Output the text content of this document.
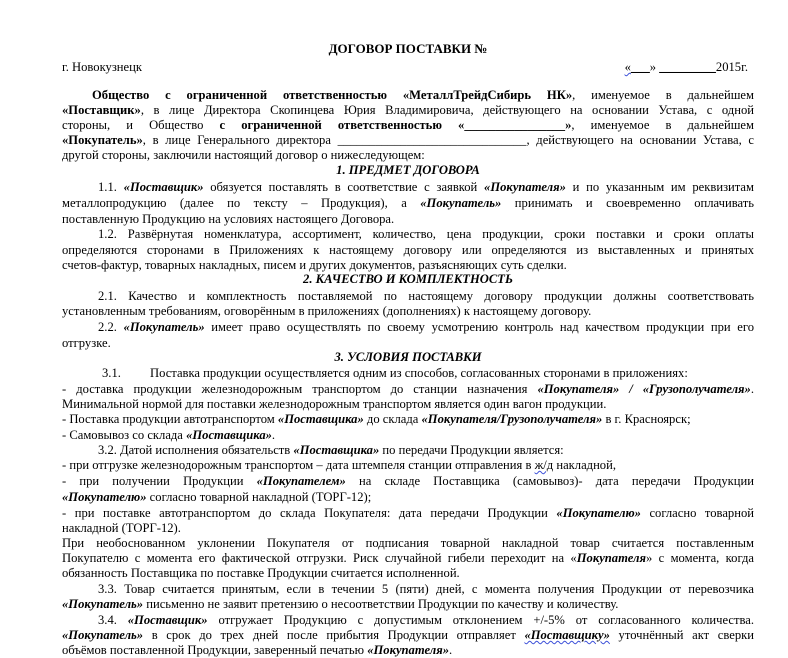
ДОГОВОР ПОСТАВКИ №
г. Новокузнецк	«___» _________2015г.
Общество с ограниченной ответственностью «МеталлТрейдСибирь НК», именуемое в дальнейшем
«Поставщик», в лице Директора Скопинцева Юрия Владимировича, действующего на основании Устава, с одной
стороны, и Общество с ограниченной ответственностью «________________», именуемое в дальнейшем
«Покупатель», в лице Генерального директора ______________________________, действующего на основании Устава, с
другой стороны, заключили настоящий договор о нижеследующем:
1. ПРЕДМЕТ ДОГОВОРА
1.1. «Поставщик» обязуется поставлять в соответствие с заявкой «Покупателя» и по указанным им реквизитам
металлопродукцию (далее по тексту – Продукция), а «Покупатель» принимать и своевременно оплачивать
поставленную Продукцию на условиях настоящего Договора.
1.2. Развёрнутая номенклатура, ассортимент, количество, цена продукции, сроки поставки и сроки оплаты
определяются сторонами в Приложениях к настоящему договору или определяются из выставленных и принятых
счетов-фактур, товарных накладных, писем и других документов, разъясняющих суть сделки.
2. КАЧЕСТВО И КОМПЛЕКТНОСТЬ
2.1. Качество и комплектность поставляемой по настоящему договору продукции должны соответствовать
установленным требованиям, оговорённым в приложениях (дополнениях) к настоящему договору.
2.2. «Покупатель» имеет право осуществлять по своему усмотрению контроль над качеством продукции при его
отгрузке.
3. УСЛОВИЯ ПОСТАВКИ
3.1. Поставка продукции осуществляется одним из способов, согласованных сторонами в приложениях:
- доставка продукции железнодорожным транспортом до станции назначения «Покупателя» / «Грузополучателя».
Минимальной нормой для поставки железнодорожным транспортом является один вагон продукции.
- Поставка продукции автотранспортом «Поставщика» до склада «Покупателя/Грузополучателя» в г. Красноярск;
- Самовывоз со склада «Поставщика».
3.2. Датой исполнения обязательств «Поставщика» по передачи Продукции является:
- при отгрузке железнодорожным транспортом – дата штемпеля станции отправления в ж/д накладной,
- при получении Продукции «Покупателем» на складе Поставщика (самовывоз)- дата передачи Продукции
«Покупателю» согласно товарной накладной (ТОРГ-12);
- при поставке автотранспортом до склада Покупателя: дата передачи Продукции «Покупателю» согласно товарной
накладной (ТОРГ-12).
При необоснованном уклонении Покупателя от подписания товарной накладной товар считается поставленным
Покупателю с момента его фактической отгрузки. Риск случайной гибели переходит на «Покупателя» с момента, когда
обязанность Поставщика по поставке Продукции считается исполненной.
3.3. Товар считается принятым, если в течении 5 (пяти) дней, с момента получения Продукции от перевозчика
«Покупатель» письменно не заявит претензию о несоответствии Продукции по качеству и количеству.
3.4. «Поставщик» отгружает Продукцию с допустимым отклонением +/-5% от согласованного количества.
«Покупатель» в срок до трех дней после прибытия Продукции отправляет «Поставщику» уточнённый акт сверки
объёмов поставленной Продукции, заверенный печатью «Покупателя».
